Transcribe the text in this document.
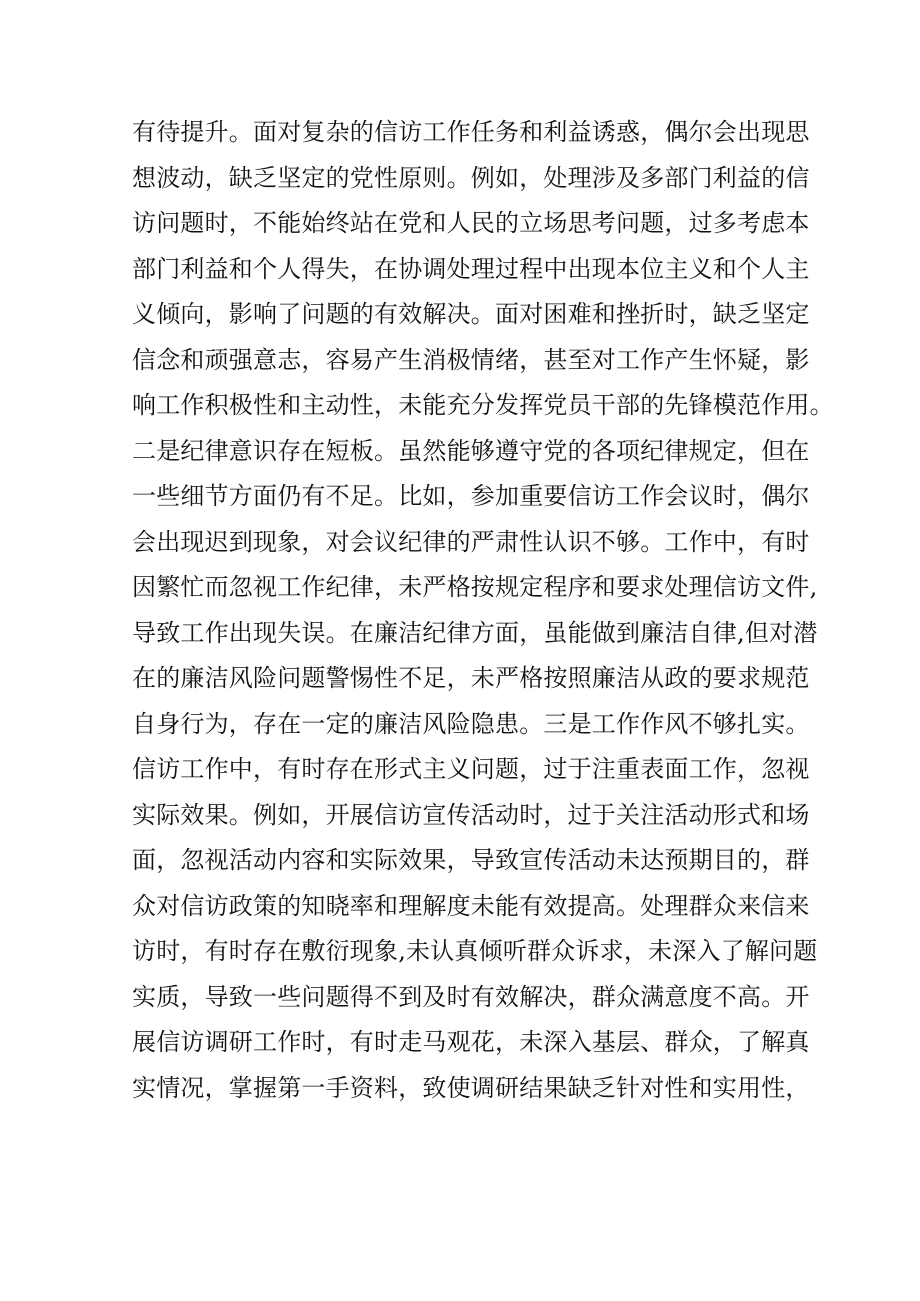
有待提升。面对复杂的信访工作任务和利益诱惑，偶尔会出现思
想波动，缺乏坚定的党性原则。例如，处理涉及多部门利益的信
访问题时，不能始终站在党和人民的立场思考问题，过多考虑本
部门利益和个人得失，在协调处理过程中出现本位主义和个人主
义倾向，影响了问题的有效解决。面对困难和挫折时，缺乏坚定
信念和顽强意志，容易产生消极情绪，甚至对工作产生怀疑，影
响工作积极性和主动性，未能充分发挥党员干部的先锋模范作用。
二是纪律意识存在短板。虽然能够遵守党的各项纪律规定，但在
一些细节方面仍有不足。比如，参加重要信访工作会议时，偶尔
会出现迟到现象，对会议纪律的严肃性认识不够。工作中，有时
因繁忙而忽视工作纪律，未严格按规定程序和要求处理信访文件,
导致工作出现失误。在廉洁纪律方面，虽能做到廉洁自律,但对潜
在的廉洁风险问题警惕性不足，未严格按照廉洁从政的要求规范
自身行为，存在一定的廉洁风险隐患。三是工作作风不够扎实。
信访工作中，有时存在形式主义问题，过于注重表面工作，忽视
实际效果。例如，开展信访宣传活动时，过于关注活动形式和场
面，忽视活动内容和实际效果，导致宣传活动未达预期目的，群
众对信访政策的知晓率和理解度未能有效提高。处理群众来信来
访时，有时存在敷衍现象,未认真倾听群众诉求，未深入了解问题
实质，导致一些问题得不到及时有效解决，群众满意度不高。开
展信访调研工作时，有时走马观花，未深入基层、群众，了解真
实情况，掌握第一手资料，致使调研结果缺乏针对性和实用性，
